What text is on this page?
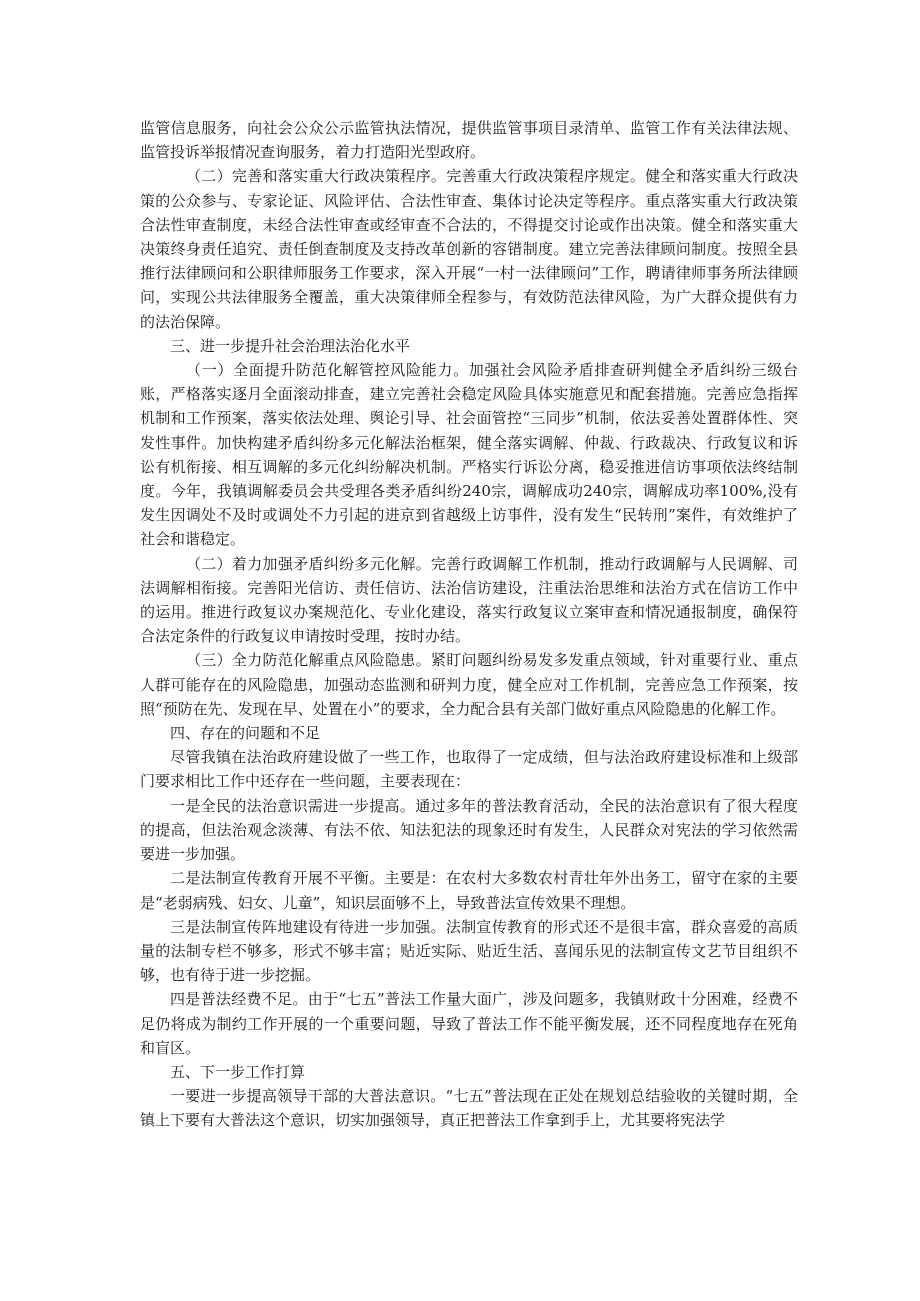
监管信息服务，向社会公众公示监管执法情况，提供监管事项目录清单、监管工作有关法律法规、监管投诉举报情况查询服务，着力打造阳光型政府。

（二）完善和落实重大行政决策程序。完善重大行政决策程序规定。健全和落实重大行政决策的公众参与、专家论证、风险评估、合法性审查、集体讨论决定等程序。重点落实重大行政决策合法性审查制度，未经合法性审查或经审查不合法的，不得提交讨论或作出决策。健全和落实重大决策终身责任追究、责任倒查制度及支持改革创新的容错制度。建立完善法律顾问制度。按照全县推行法律顾问和公职律师服务工作要求，深入开展“一村一法律顾问”工作，聘请律师事务所法律顾问，实现公共法律服务全覆盖，重大决策律师全程参与，有效防范法律风险，为广大群众提供有力的法治保障。

三、进一步提升社会治理法治化水平

（一）全面提升防范化解管控风险能力。加强社会风险矛盾排查研判健全矛盾纠纷三级台账，严格落实逐月全面滚动排查，建立完善社会稳定风险具体实施意见和配套措施。完善应急指挥机制和工作预案，落实依法处理、舆论引导、社会面管控“三同步”机制，依法妥善处置群体性、突发性事件。加快构建矛盾纠纷多元化解法治框架，健全落实调解、仲裁、行政裁决、行政复议和诉讼有机衔接、相互调解的多元化纠纷解决机制。严格实行诉讼分离，稳妥推进信访事项依法终结制度。今年，我镇调解委员会共受理各类矛盾纠纷240宗，调解成功240宗，调解成功率100%,没有发生因调处不及时或调处不力引起的进京到省越级上访事件，没有发生“民转刑”案件，有效维护了社会和谐稳定。

（二）着力加强矛盾纠纷多元化解。完善行政调解工作机制，推动行政调解与人民调解、司法调解相衔接。完善阳光信访、责任信访、法治信访建设，注重法治思维和法治方式在信访工作中的运用。推进行政复议办案规范化、专业化建设，落实行政复议立案审查和情况通报制度，确保符合法定条件的行政复议申请按时受理，按时办结。

（三）全力防范化解重点风险隐患。紧盯问题纠纷易发多发重点领域，针对重要行业、重点人群可能存在的风险隐患，加强动态监测和研判力度，健全应对工作机制，完善应急工作预案，按照“预防在先、发现在早、处置在小”的要求，全力配合县有关部门做好重点风险隐患的化解工作。

四、存在的问题和不足

尽管我镇在法治政府建设做了一些工作，也取得了一定成绩，但与法治政府建设标准和上级部门要求相比工作中还存在一些问题，主要表现在：

一是全民的法治意识需进一步提高。通过多年的普法教育活动，全民的法治意识有了很大程度的提高，但法治观念淡薄、有法不依、知法犯法的现象还时有发生，人民群众对宪法的学习依然需要进一步加强。

二是法制宣传教育开展不平衡。主要是：在农村大多数农村青壮年外出务工，留守在家的主要是“老弱病残、妇女、儿童”，知识层面够不上，导致普法宣传效果不理想。

三是法制宣传阵地建设有待进一步加强。法制宣传教育的形式还不是很丰富，群众喜爱的高质量的法制专栏不够多，形式不够丰富；贴近实际、贴近生活、喜闻乐见的法制宣传文艺节目组织不够，也有待于进一步挖掘。

四是普法经费不足。由于“七五”普法工作量大面广，涉及问题多，我镇财政十分困难，经费不足仍将成为制约工作开展的一个重要问题，导致了普法工作不能平衡发展，还不同程度地存在死角和盲区。

五、下一步工作打算

一要进一步提高领导干部的大普法意识。“七五”普法现在正处在规划总结验收的关键时期，全镇上下要有大普法这个意识，切实加强领导，真正把普法工作拿到手上，尤其要将宪法学
